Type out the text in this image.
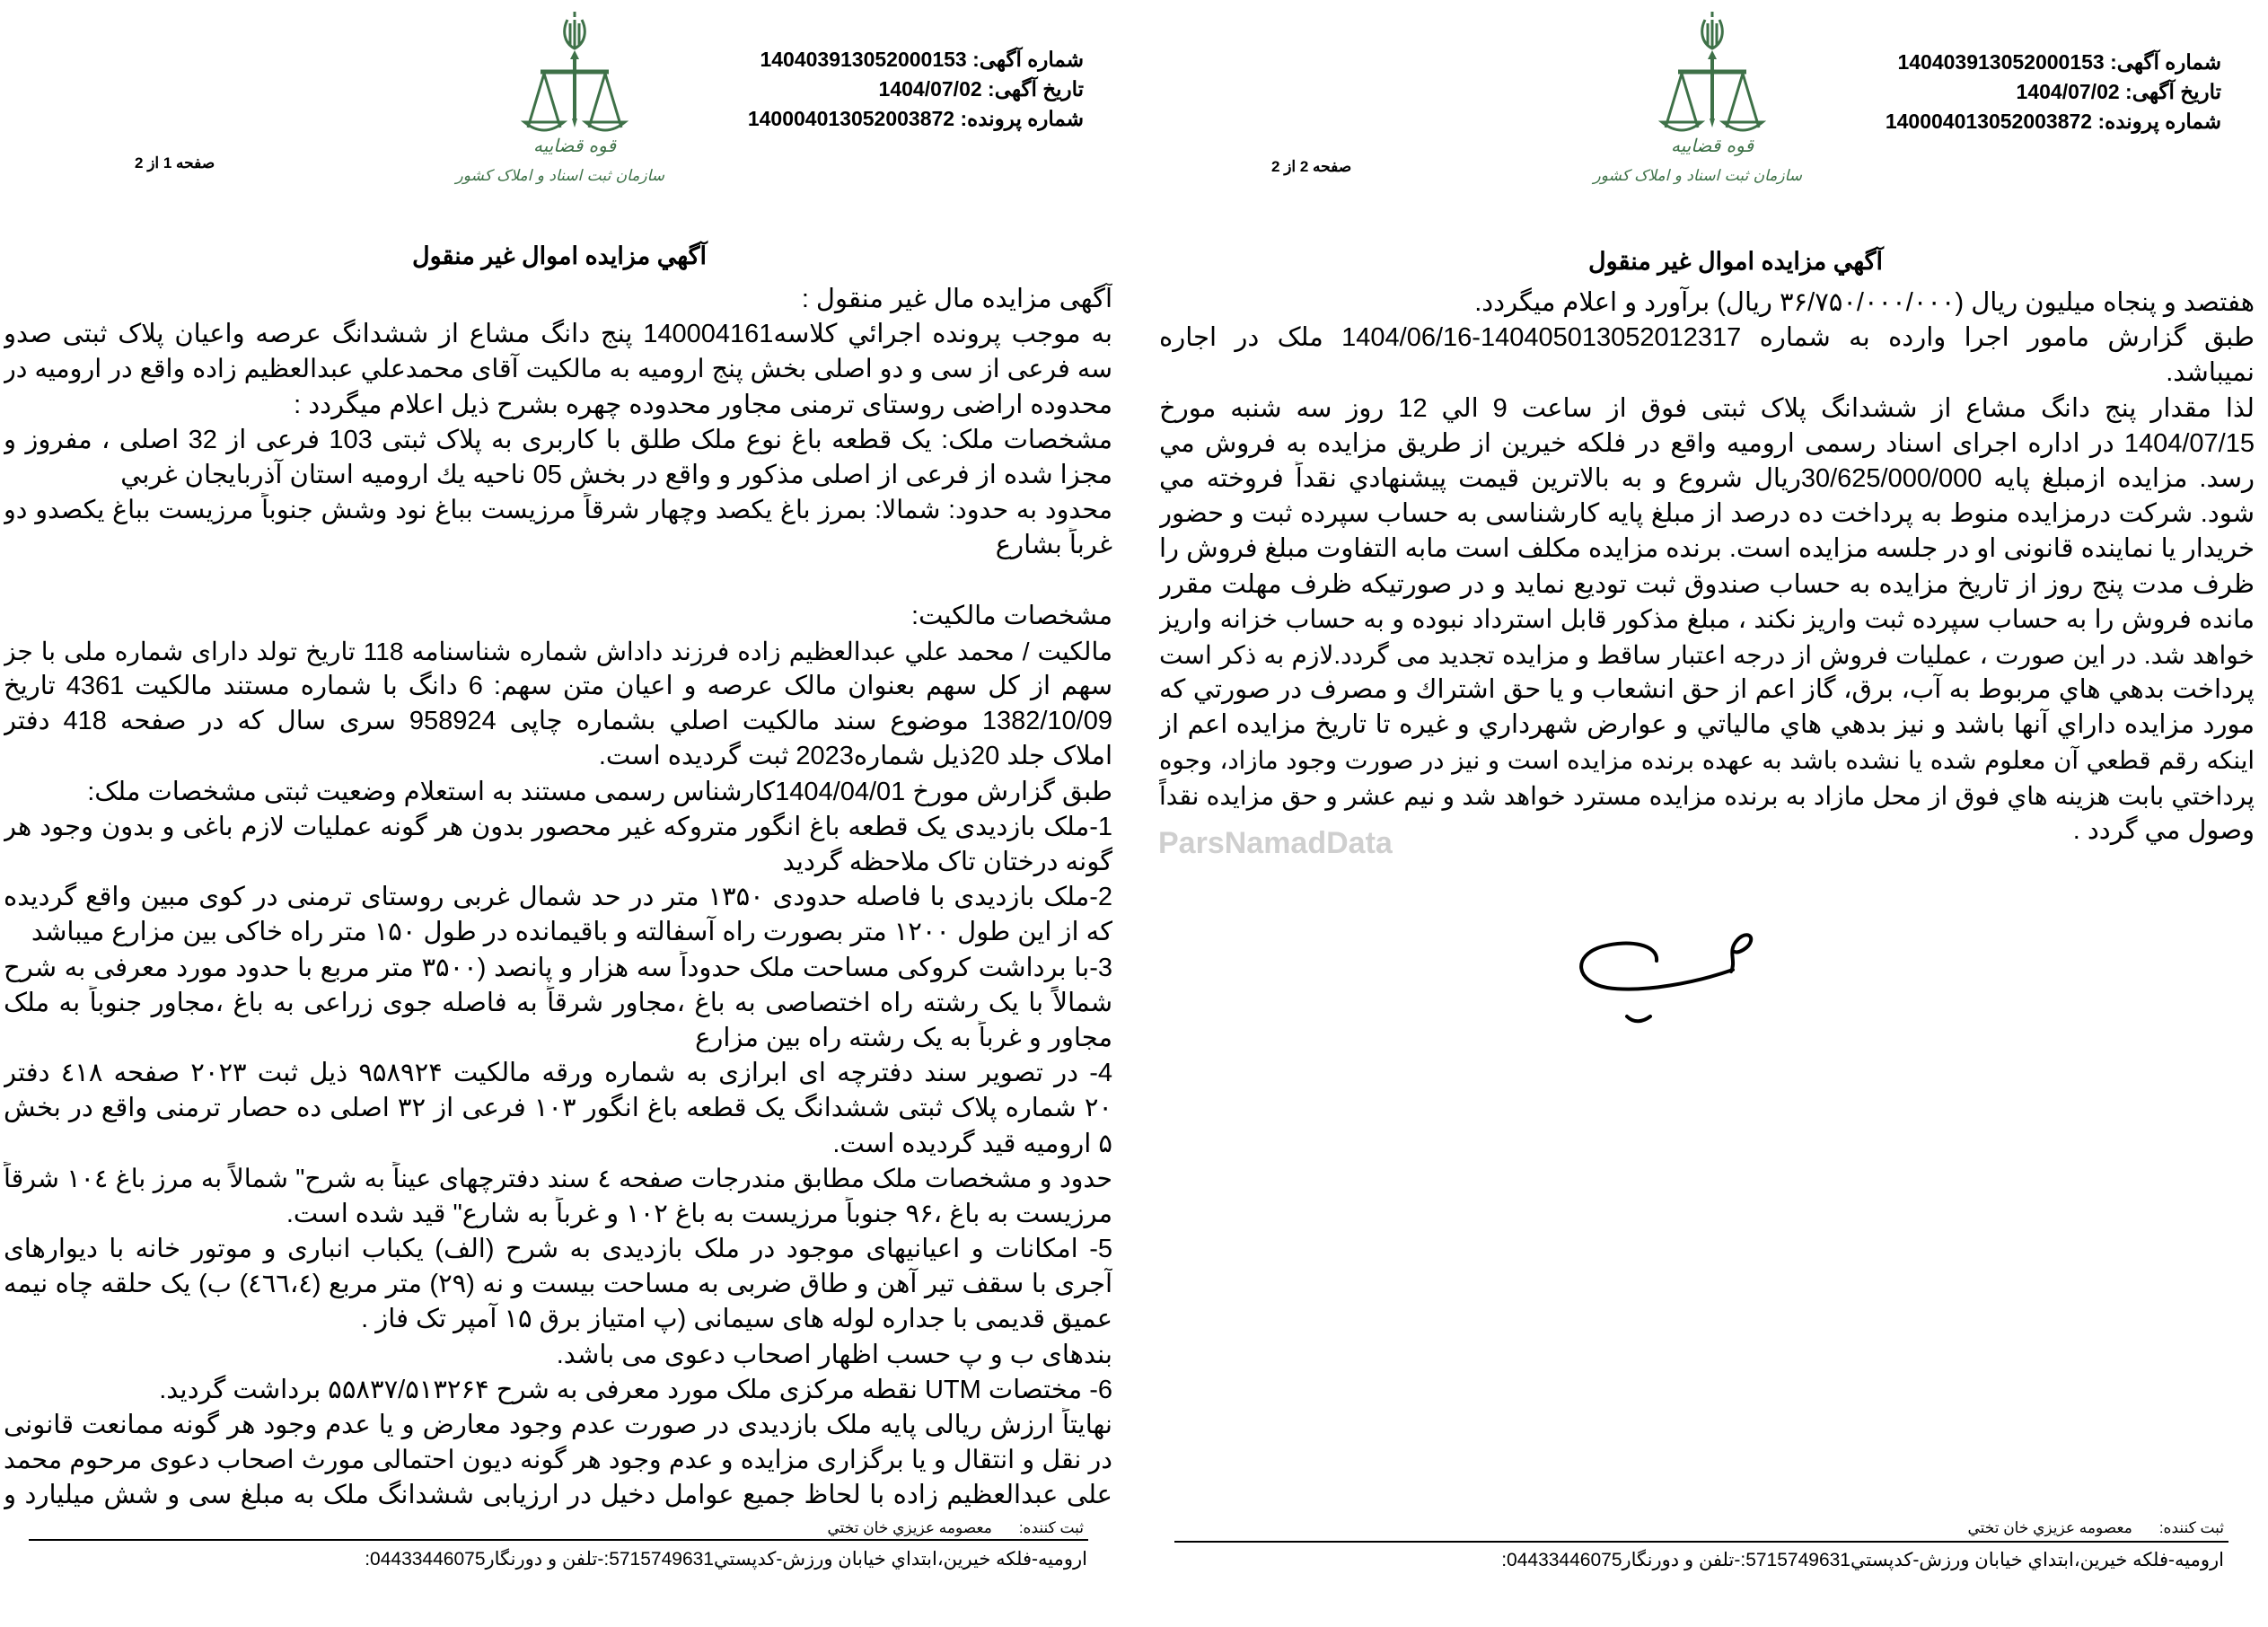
شماره آگهی: 140403913052000153
تاریخ آگهی: 1404/07/02
شماره پرونده: 140004013052003872
قوه قضاییه
سازمان ثبت اسناد و املاک کشور
صفحه 1 از 2
آگهي مزايده اموال غير منقول
آگهی مزایده مال غیر منقول :
به موجب پرونده اجرائي كلاسه140004161 پنج دانگ مشاع از ششدانگ عرصه واعیان پلاک ثبتی صدو
سه فرعی از سی و دو اصلی بخش پنج ارومیه به مالکیت آقای محمدعلي عبدالعظيم زاده واقع در ارومیه در
محدوده اراضی روستای ترمنی مجاور محدوده چهره بشرح ذیل اعلام میگردد :
مشخصات ملک: یک قطعه باغ نوع ملک طلق با کاربری به پلاک ثبتی 103 فرعی از 32 اصلی ، مفروز و
مجزا شده از فرعی از اصلی مذکور و واقع در بخش 05 ناحيه يك ارومیه استان آذربايجان غربي
محدود به حدود: شمالا: بمرز باغ یکصد وچهار شرقاً مرزیست بباغ نود وشش جنوباً مرزیست بباغ یکصدو دو
غرباً بشارع
مشخصات مالکیت:
مالکیت / محمد علي عبدالعظيم زاده فرزند داداش شماره شناسنامه 118 تاریخ تولد دارای شماره ملی با جز
سهم از کل سهم بعنوان مالک عرصه و اعیان متن سهم: 6 دانگ با شماره مستند مالکیت 4361 تاریخ
1382/10/09 موضوع سند مالکیت اصلي بشماره چاپی 958924 سری سال که در صفحه 418 دفتر
املاک جلد 20ذیل شماره2023 ثبت گردیده است.
طبق گزارش مورخ 1404/04/01کارشناس رسمی مستند به استعلام وضعیت ثبتی مشخصات ملک:
1-ملک بازدیدی یک قطعه باغ انگور متروکه غیر محصور بدون هر گونه عملیات لازم باغی و بدون وجود هر
گونه درختان تاک ملاحظه گردید
2-ملک بازدیدی با فاصله حدودی ۱۳۵۰ متر در حد شمال غربی روستای ترمنی در کوی مبین واقع گردیده
که از این طول ۱۲۰۰ متر بصورت راه آسفالته و باقیمانده در طول ۱۵۰ متر راه خاکی بین مزارع میباشد
3-با برداشت کروکی مساحت ملک حدوداً سه هزار و پانصد (۳۵۰۰ متر مربع با حدود مورد معرفی به شرح
شمالاً با یک رشته راه اختصاصی به باغ ،مجاور شرقاً به فاصله جوی زراعی به باغ ،مجاور جنوباً به ملک
مجاور و غرباً به یک رشته راه بین مزارع
4- در تصویر سند دفترچه ای ابرازی به شماره ورقه مالکیت ۹۵۸۹۲۴ ذیل ثبت ۲۰۲۳ صفحه ٤١٨ دفتر
۲۰ شماره پلاک ثبتی ششدانگ یک قطعه باغ انگور ۱۰۳ فرعی از ۳۲ اصلی ده حصار ترمنی واقع در بخش
۵ ارومیه قید گردیده است.
حدود و مشخصات ملک مطابق مندرجات صفحه ٤ سند دفترچهای عیناً به شرح" شمالاً به مرز باغ ۱۰٤ شرقاً
مرزیست به باغ ،۹۶ جنوباً مرزیست به باغ ۱۰۲ و غرباً به شارع" قید شده است.
5- امکانات و اعیانیهای موجود در ملک بازدیدی به شرح (الف) یکباب انباری و موتور خانه با دیوارهای
آجری با سقف تیر آهن و طاق ضربی به مساحت بیست و نه (۲۹) متر مربع (٤٦٦،٤) ب) یک حلقه چاه نیمه
عمیق قدیمی با جداره لوله های سیمانی (پ امتیاز برق ۱۵ آمپر تک فاز .
بندهای ب و پ حسب اظهار اصحاب دعوی می باشد.
6- مختصات UTM نقطه مرکزی ملک مورد معرفی به شرح ۵۵۸۳۷/۵۱۳۲۶۴ برداشت گردید.
نهایتاً ارزش ریالی پایه ملک بازدیدی در صورت عدم وجود معارض و یا عدم وجود هر گونه ممانعت قانونی
در نقل و انتقال و یا برگزاری مزایده و عدم وجود هر گونه دیون احتمالی مورث اصحاب دعوی مرحوم محمد
علی عبدالعظیم زاده با لحاظ جمیع عوامل دخیل در ارزیابی ششدانگ ملک به مبلغ سی و شش میلیارد و
ثبت کننده:معصومه عزيزي خان تختي
اروميه-فلكه خيرين،ابتداي خيابان ورزش-كدپستي5715749631:-تلفن و دورنگار04433446075:
شماره آگهی: 140403913052000153
تاریخ آگهی: 1404/07/02
شماره پرونده: 140004013052003872
قوه قضاییه
سازمان ثبت اسناد و املاک کشور
صفحه 2 از 2
آگهي مزايده اموال غير منقول
هفتصد و پنجاه میلیون ریال (۳۶/۷۵۰/۰۰۰/۰۰۰ ریال) برآورد و اعلام میگردد.
طبق گزارش مامور اجرا وارده به شماره 140405013052012317-1404/06/16 ملک در اجاره
نمیباشد.
لذا مقدار پنج دانگ مشاع از ششدانگ پلاک ثبتی فوق از ساعت 9 الي 12 روز سه شنبه مورخ
1404/07/15 در اداره اجرای اسناد رسمی ارومیه واقع در فلکه خیرین از طریق مزایده به فروش مي
رسد. مزایده ازمبلغ پایه 30/625/000/000ریال شروع و به بالاترین قیمت پیشنهادي نقداً فروخته مي
شود. شرکت درمزایده منوط به پرداخت ده درصد از مبلغ پایه کارشناسی به حساب سپرده ثبت و حضور
خریدار یا نماینده قانونی او در جلسه مزایده است. برنده مزایده مکلف است مابه التفاوت مبلغ فروش را
ظرف مدت پنج روز از تاریخ مزایده به حساب صندوق ثبت تودیع نماید و در صورتیکه ظرف مهلت مقرر
مانده فروش را به حساب سپرده ثبت واریز نکند ، مبلغ مذکور قابل استرداد نبوده و به حساب خزانه واریز
خواهد شد. در این صورت ، عملیات فروش از درجه اعتبار ساقط و مزایده تجدید می گردد.لازم به ذکر است
پرداخت بدهي هاي مربوط به آب، برق، گاز اعم از حق انشعاب و یا حق اشتراك و مصرف در صورتي كه
مورد مزايده داراي آنها باشد و نیز بدهي هاي مالياتي و عوارض شهرداري و غيره تا تاريخ مزايده اعم از
اينكه رقم قطعي آن معلوم شده يا نشده باشد به عهده برنده مزايده است و نيز در صورت وجود مازاد، وجوه
پرداختي بابت هزينه هاي فوق از محل مازاد به برنده مزايده مسترد خواهد شد و نيم عشر و حق مزايده نقداً
وصول مي گردد .
ثبت کننده:معصومه عزيزي خان تختي
اروميه-فلكه خيرين،ابتداي خيابان ورزش-كدپستي5715749631:-تلفن و دورنگار04433446075:
ParsNamadData
